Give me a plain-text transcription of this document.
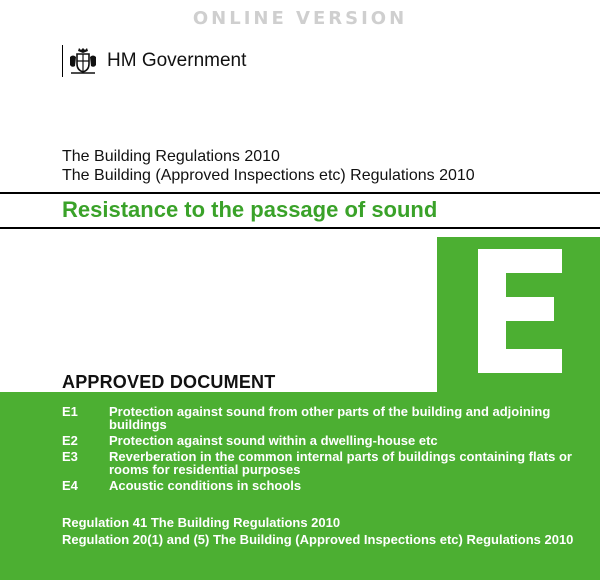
ONLINE VERSION
HM Government
The Building Regulations 2010
The Building (Approved Inspections etc) Regulations 2010
Resistance to the passage of sound
APPROVED DOCUMENT
E1	Protection against sound from other parts of the building and adjoining buildings
E2	Protection against sound within a dwelling-house etc
E3	Reverberation in the common internal parts of buildings containing flats or rooms for residential purposes
E4	Acoustic conditions in schools
Regulation 41 The Building Regulations 2010
Regulation 20(1) and (5) The Building (Approved Inspections etc) Regulations 2010
